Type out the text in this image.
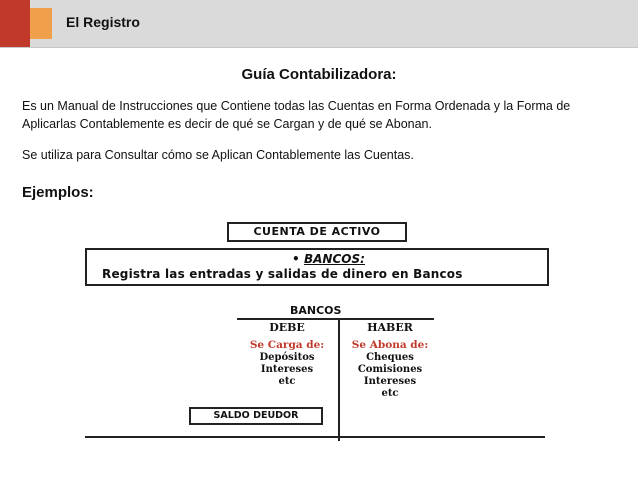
El Registro
Guía Contabilizadora:
Es un Manual de Instrucciones que Contiene todas las Cuentas en Forma Ordenada y la Forma de Aplicarlas Contablemente es decir de qué se Cargan y de qué se Abonan.
Se utiliza para Consultar cómo se Aplican Contablemente las Cuentas.
Ejemplos:
CUENTA DE ACTIVO
• BANCOS:
Registra las entradas y salidas de dinero en Bancos
BANCOS
DEBE
Se Carga de:
Depósitos
Intereses
etc
HABER
Se Abona de:
Cheques
Comisiones
Intereses
etc
SALDO DEUDOR
